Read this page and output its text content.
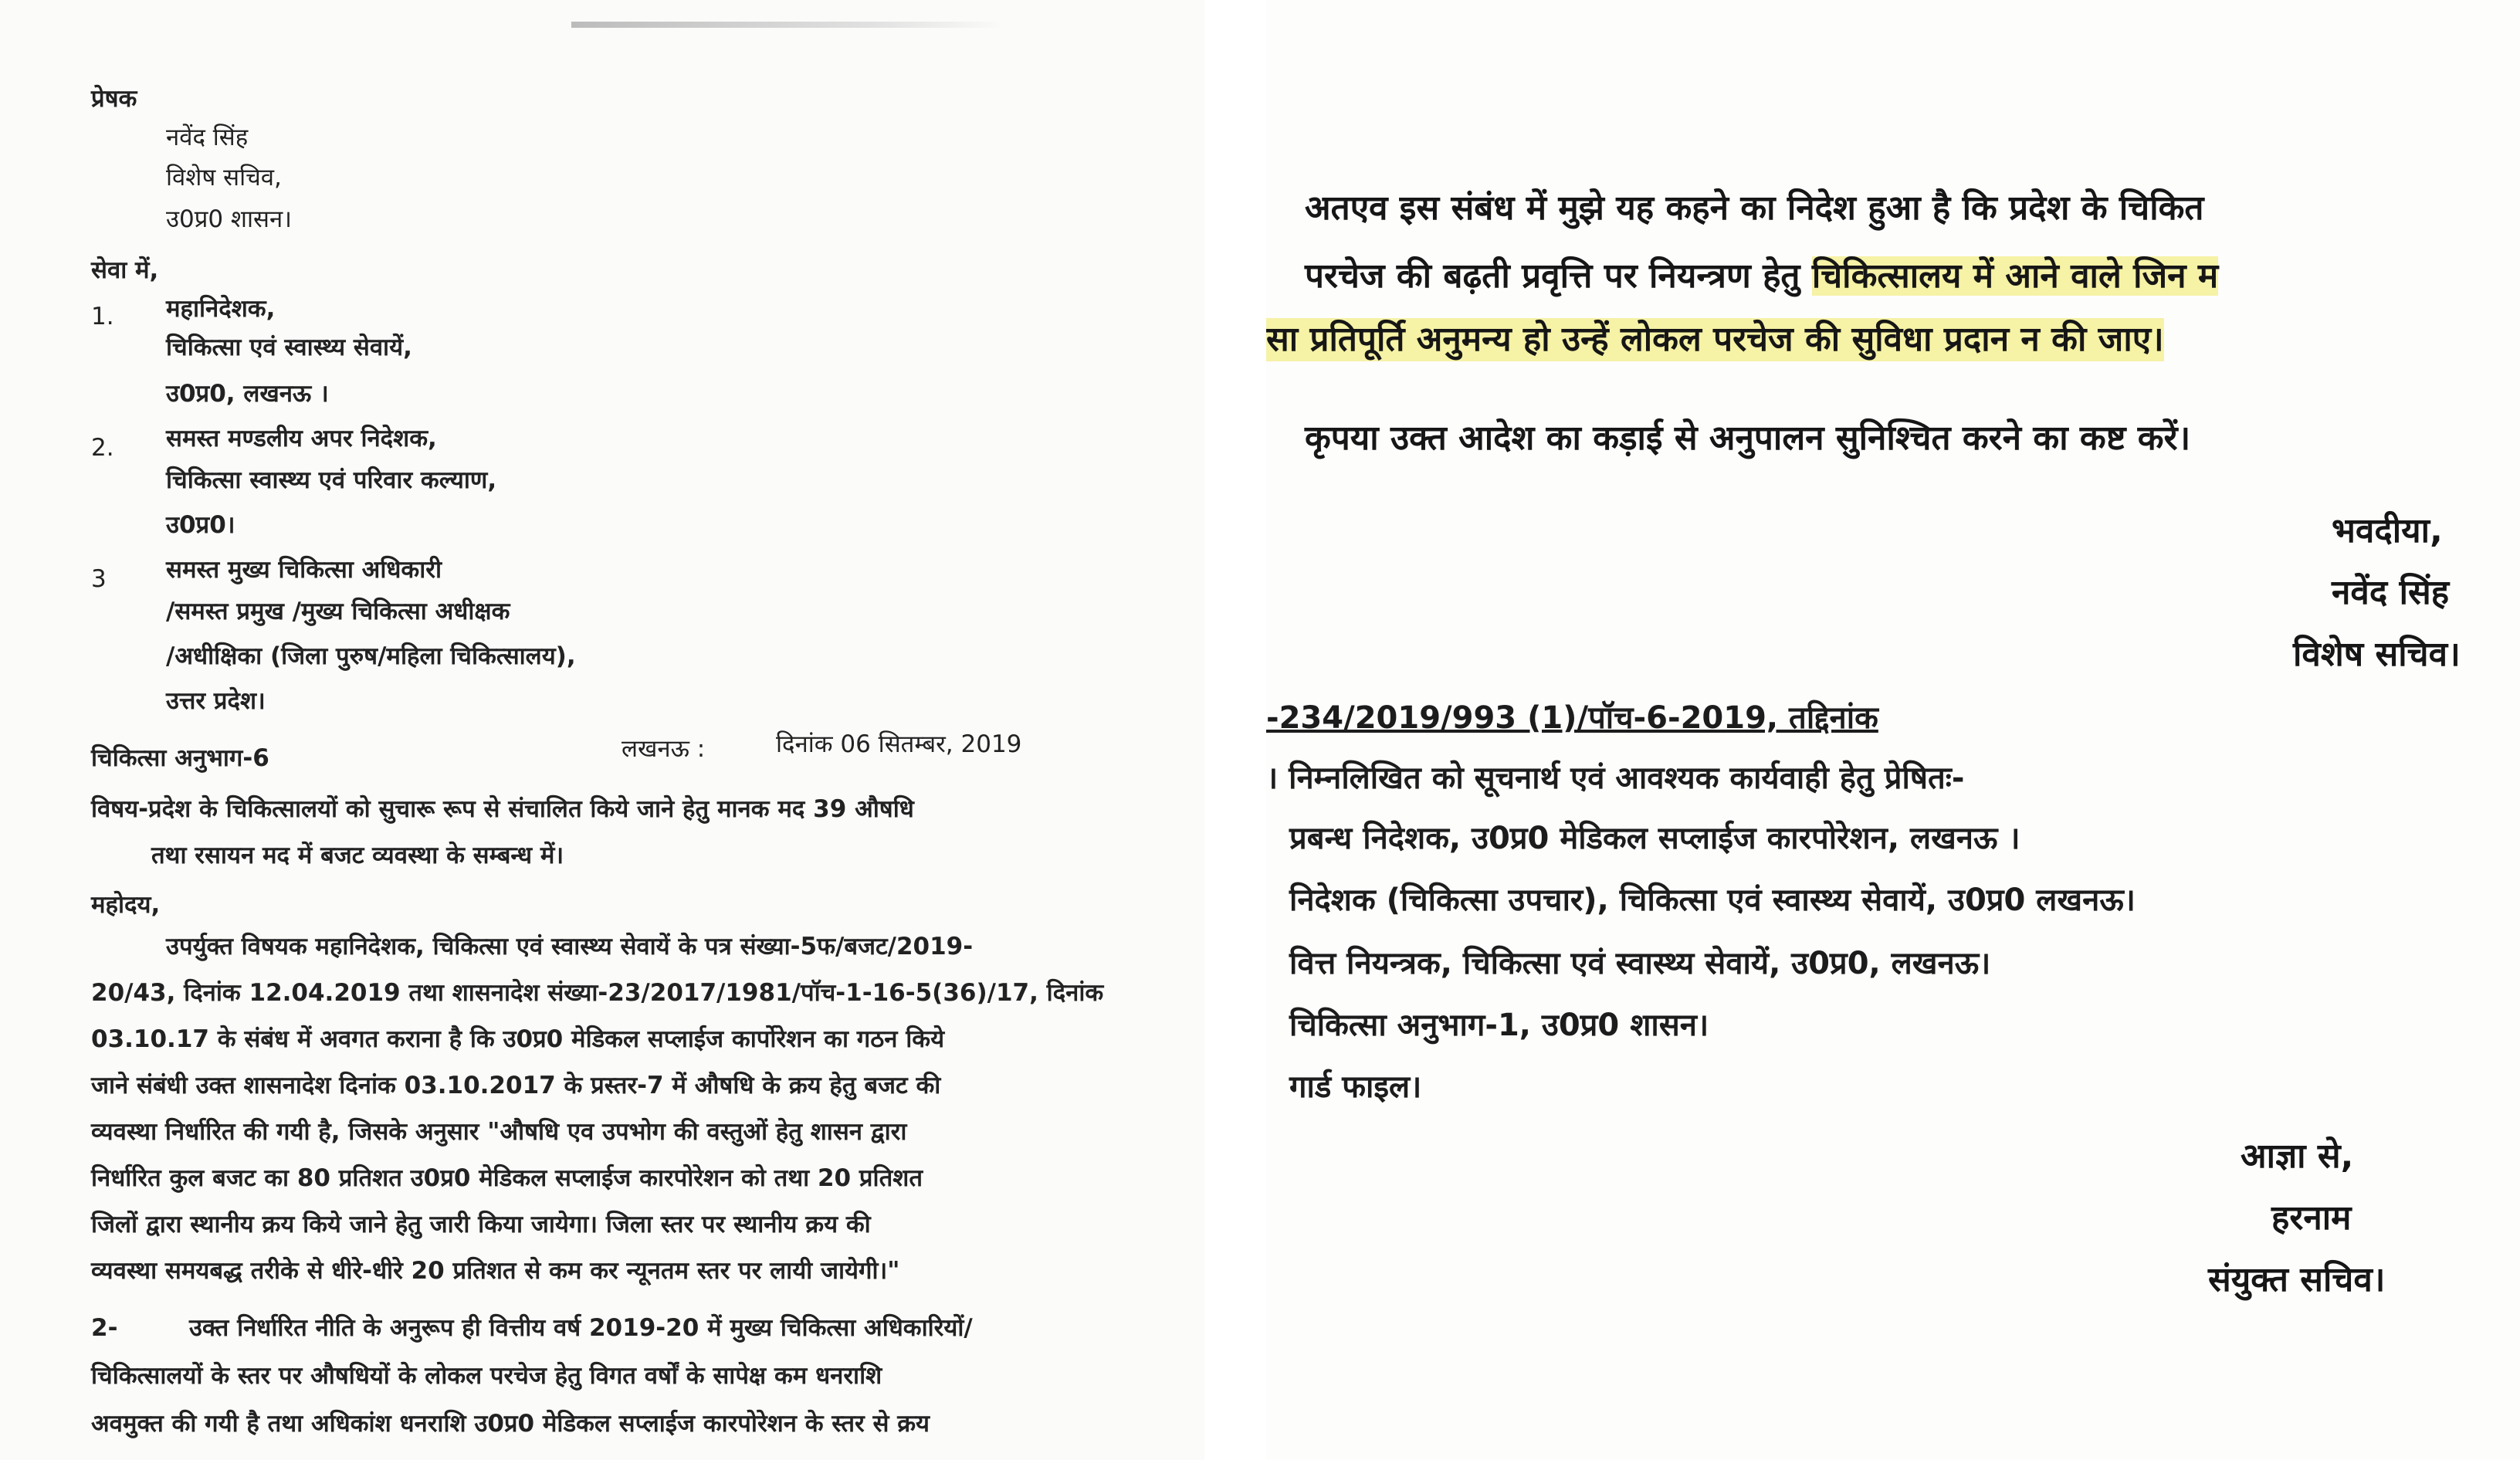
प्रेषक
नवेंद सिंह
विशेष सचिव,
उ0प्र0 शासन।
सेवा में,
1. महानिदेशक,
चिकित्सा एवं स्वास्थ्य सेवायें,
उ0प्र0, लखनऊ ।
2. समस्त मण्डलीय अपर निदेशक,
चिकित्सा स्वास्थ्य एवं परिवार कल्याण,
उ0प्र0।
3 समस्त मुख्य चिकित्सा अधिकारी
/समस्त प्रमुख /मुख्य चिकित्सा अधीक्षक
/अधीक्षिका (जिला पुरुष/महिला चिकित्सालय),
उत्तर प्रदेश।
चिकित्सा अनुभाग-6	लखनऊ :	दिनांक 06 सितम्बर, 2019
विषय-प्रदेश के चिकित्सालयों को सुचारू रूप से संचालित किये जाने हेतु मानक मद 39 औषधि
तथा रसायन मद में बजट व्यवस्था के सम्बन्ध में।
महोदय,
उपर्युक्त विषयक महानिदेशक, चिकित्सा एवं स्वास्थ्य सेवायें के पत्र संख्या-5फ/बजट/2019-
20/43, दिनांक 12.04.2019 तथा शासनादेश संख्या-23/2017/1981/पॉच-1-16-5(36)/17, दिनांक
03.10.17 के संबंध में अवगत कराना है कि उ0प्र0 मेडिकल सप्लाईज कार्पोरेशन का गठन किये
जाने संबंधी उक्त शासनादेश दिनांक 03.10.2017 के प्रस्तर-7 में औषधि के क्रय हेतु बजट की
व्यवस्था निर्धारित की गयी है, जिसके अनुसार "औषधि एव उपभोग की वस्तुओं हेतु शासन द्वारा
निर्धारित कुल बजट का 80 प्रतिशत उ0प्र0 मेडिकल सप्लाईज कारपोरेशन को तथा 20 प्रतिशत
जिलों द्वारा स्थानीय क्रय किये जाने हेतु जारी किया जायेगा। जिला स्तर पर स्थानीय क्रय की
व्यवस्था समयबद्ध तरीके से धीरे-धीरे 20 प्रतिशत से कम कर न्यूनतम स्तर पर लायी जायेगी।"
2-	उक्त निर्धारित नीति के अनुरूप ही वित्तीय वर्ष 2019-20 में मुख्य चिकित्सा अधिकारियों/
चिकित्सालयों के स्तर पर औषधियों के लोकल परचेज हेतु विगत वर्षों के सापेक्ष कम धनराशि
अवमुक्त की गयी है तथा अधिकांश धनराशि उ0प्र0 मेडिकल सप्लाईज कारपोरेशन के स्तर से क्रय
अतएव इस संबंध में मुझे यह कहने का निदेश हुआ है कि प्रदेश के चिकित
परचेज की बढ़ती प्रवृत्ति पर नियन्त्रण हेतु चिकित्सालय में आने वाले जिन म
सा प्रतिपूर्ति अनुमन्य हो उन्हें लोकल परचेज की सुविधा प्रदान न की जाए।
कृपया उक्त आदेश का कड़ाई से अनुपालन सुनिश्चित करने का कष्ट करें।
भवदीया,
नवेंद सिंह
विशेष सचिव।
-234/2019/993 (1)/पॉच-6-2019, तद्दिनांक
। निम्नलिखित को सूचनार्थ एवं आवश्यक कार्यवाही हेतु प्रेषितः-
प्रबन्ध निदेशक, उ0प्र0 मेडिकल सप्लाईज कारपोरेशन, लखनऊ ।
निदेशक (चिकित्सा उपचार), चिकित्सा एवं स्वास्थ्य सेवायें, उ0प्र0 लखनऊ।
वित्त नियन्त्रक, चिकित्सा एवं स्वास्थ्य सेवायें, उ0प्र0, लखनऊ।
चिकित्सा अनुभाग-1, उ0प्र0 शासन।
गार्ड फाइल।
आज्ञा से,
हरनाम
संयुक्त सचिव।
